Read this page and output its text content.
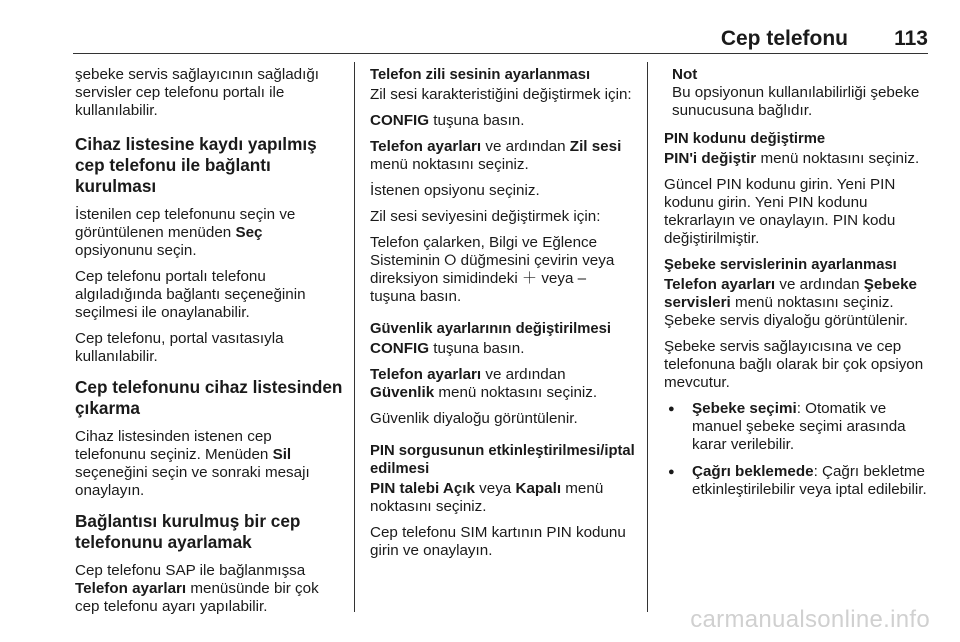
Cep telefonu 113

şebeke servis sağlayıcının sağladığı servisler cep telefonu portalı ile kullanılabilir.

Cihaz listesine kaydı yapılmış cep telefonu ile bağlantı kurulması

İstenilen cep telefonunu seçin ve görüntülenen menüden Seç
opsiyonunu seçin.

Cep telefonu portalı telefonu algıladığında bağlantı seçeneğinin seçilmesi ile onaylanabilir.

Cep telefonu, portal vasıtasıyla kullanılabilir.

Cep telefonunu cihaz listesinden çıkarma

Cihaz listesinden istenen cep telefonunu seçiniz. Menüden Sil seçeneğini seçin ve sonraki mesajı onaylayın.

Bağlantısı kurulmuş bir cep telefonunu ayarlamak

Cep telefonu SAP ile bağlanmışsa
Telefon ayarları menüsünde bir çok cep telefonu ayarı yapılabilir.

Telefon zili sesinin ayarlanması

Zil sesi karakteristiğini değiştirmek için:

CONFIG tuşuna basın.

Telefon ayarları ve ardından Zil sesi menü noktasını seçiniz.

İstenen opsiyonu seçiniz.

Zil sesi seviyesini değiştirmek için:

Telefon çalarken, Bilgi ve Eğlence Sisteminin ⭘ düğmesini çevirin veya direksiyon simidindeki ＋ veya – tuşuna basın.

Güvenlik ayarlarının değiştirilmesi

CONFIG tuşuna basın.

Telefon ayarları ve ardından
Güvenlik menü noktasını seçiniz.

Güvenlik diyaloğu görüntülenir.

PIN sorgusunun etkinleştirilmesi/iptal edilmesi

PIN talebi Açık veya Kapalı menü noktasını seçiniz.

Cep telefonu SIM kartının PIN kodunu girin ve onaylayın.

Not
Bu opsiyonun kullanılabilirliği şebeke sunucusuna bağlıdır.
PIN kodunu değiştirme

PIN'i değiştir menü noktasını seçiniz.

Güncel PIN kodunu girin. Yeni PIN kodunu girin. Yeni PIN kodunu tekrarlayın ve onaylayın. PIN kodu değiştirilmiştir.

Şebeke servislerinin ayarlanması

Telefon ayarları ve ardından Şebeke servisleri menü noktasını seçiniz. Şebeke servis diyaloğu görüntülenir.

Şebeke servis sağlayıcısına ve cep telefonuna bağlı olarak bir çok opsiyon mevcutur.

● Şebeke seçimi: Otomatik ve manuel şebeke seçimi arasında karar verilebilir.
● Çağrı beklemede: Çağrı bekletme etkinleştirilebilir veya iptal edilebilir.
carmanualsonline.info
